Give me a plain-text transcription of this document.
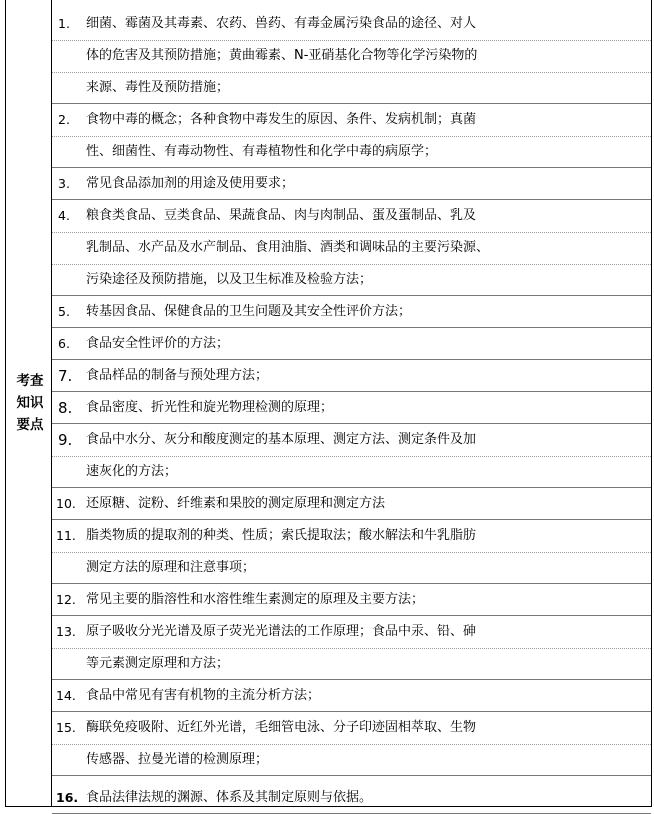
考查
知识
要点
1. 细菌、霉菌及其毒素、农药、兽药、有毒金属污染食品的途径、对人
体的危害及其预防措施；黄曲霉素、N-亚硝基化合物等化学污染物的
来源、毒性及预防措施；
2. 食物中毒的概念；各种食物中毒发生的原因、条件、发病机制；真菌
性、细菌性、有毒动物性、有毒植物性和化学中毒的病原学；
3. 常见食品添加剂的用途及使用要求；
4. 粮食类食品、豆类食品、果蔬食品、肉与肉制品、蛋及蛋制品、乳及
乳制品、水产品及水产制品、食用油脂、酒类和调味品的主要污染源、
污染途径及预防措施，以及卫生标准及检验方法；
5. 转基因食品、保健食品的卫生问题及其安全性评价方法；
6. 食品安全性评价的方法；
7. 食品样品的制备与预处理方法；
8. 食品密度、折光性和旋光物理检测的原理；
9. 食品中水分、灰分和酸度测定的基本原理、测定方法、测定条件及加
速灰化的方法；
10. 还原糖、淀粉、纤维素和果胶的测定原理和测定方法
11. 脂类物质的提取剂的种类、性质；索氏提取法；酸水解法和牛乳脂肪
测定方法的原理和注意事项；
12. 常见主要的脂溶性和水溶性维生素测定的原理及主要方法；
13. 原子吸收分光光谱及原子荧光光谱法的工作原理；食品中汞、铅、砷
等元素测定原理和方法；
14. 食品中常见有害有机物的主流分析方法；
15. 酶联免疫吸附、近红外光谱，毛细管电泳、分子印迹固相萃取、生物
传感器、拉曼光谱的检测原理；
16. 食品法律法规的渊源、体系及其制定原则与依据。
